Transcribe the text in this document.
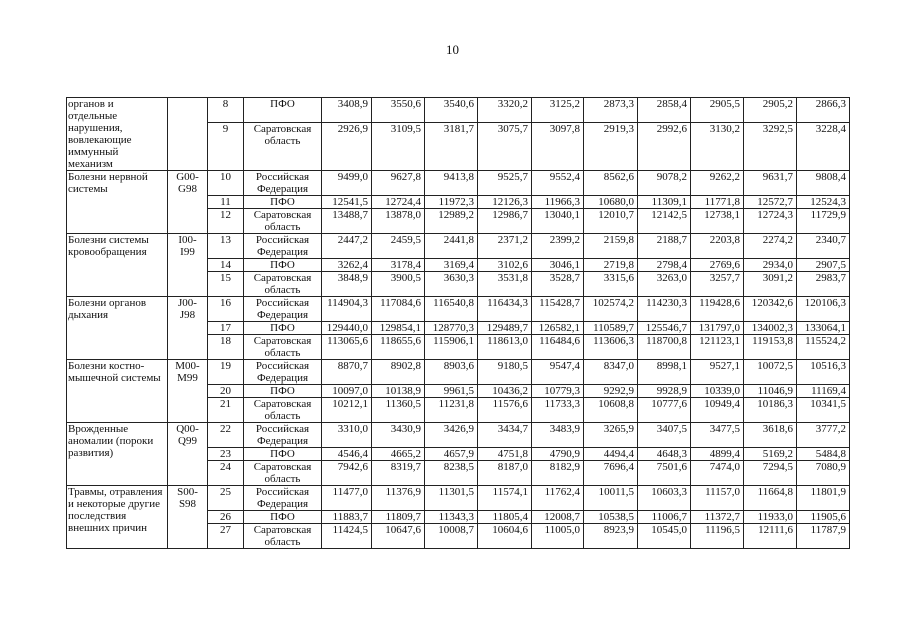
10
органов и отдельные нарушения, вовлекающие иммунный механизм		8	ПФО	3408,9	3550,6	3540,6	3320,2	3125,2	2873,3	2858,4	2905,5	2905,2	2866,3
		9	Саратовская область	2926,9	3109,5	3181,7	3075,7	3097,8	2919,3	2992,6	3130,2	3292,5	3228,4
Болезни нервной системы	G00- G98	10	Российская Федерация	9499,0	9627,8	9413,8	9525,7	9552,4	8562,6	9078,2	9262,2	9631,7	9808,4
		11	ПФО	12541,5	12724,4	11972,3	12126,3	11966,3	10680,0	11309,1	11771,8	12572,7	12524,3
		12	Саратовская область	13488,7	13878,0	12989,2	12986,7	13040,1	12010,7	12142,5	12738,1	12724,3	11729,9
Болезни системы кровообращения	I00- I99	13	Российская Федерация	2447,2	2459,5	2441,8	2371,2	2399,2	2159,8	2188,7	2203,8	2274,2	2340,7
		14	ПФО	3262,4	3178,4	3169,4	3102,6	3046,1	2719,8	2798,4	2769,6	2934,0	2907,5
		15	Саратовская область	3848,9	3900,5	3630,3	3531,8	3528,7	3315,6	3263,0	3257,7	3091,2	2983,7
Болезни органов дыхания	J00- J98	16	Российская Федерация	114904,3	117084,6	116540,8	116434,3	115428,7	102574,2	114230,3	119428,6	120342,6	120106,3
		17	ПФО	129440,0	129854,1	128770,3	129489,7	126582,1	110589,7	125546,7	131797,0	134002,3	133064,1
		18	Саратовская область	113065,6	118655,6	115906,1	118613,0	116484,6	113606,3	118700,8	121123,1	119153,8	115524,2
Болезни костно- мышечной системы	M00- M99	19	Российская Федерация	8870,7	8902,8	8903,6	9180,5	9547,4	8347,0	8998,1	9527,1	10072,5	10516,3
		20	ПФО	10097,0	10138,9	9961,5	10436,2	10779,3	9292,9	9928,9	10339,0	11046,9	11169,4
		21	Саратовская область	10212,1	11360,5	11231,8	11576,6	11733,3	10608,8	10777,6	10949,4	10186,3	10341,5
Врожденные аномалии (пороки развития)	Q00- Q99	22	Российская Федерация	3310,0	3430,9	3426,9	3434,7	3483,9	3265,9	3407,5	3477,5	3618,6	3777,2
		23	ПФО	4546,4	4665,2	4657,9	4751,8	4790,9	4494,4	4648,3	4899,4	5169,2	5484,8
		24	Саратовская область	7942,6	8319,7	8238,5	8187,0	8182,9	7696,4	7501,6	7474,0	7294,5	7080,9
Травмы, отравления и некоторые другие последствия внешних причин	S00- S98	25	Российская Федерация	11477,0	11376,9	11301,5	11574,1	11762,4	10011,5	10603,3	11157,0	11664,8	11801,9
		26	ПФО	11883,7	11809,7	11343,3	11805,4	12008,7	10538,5	11006,7	11372,7	11933,0	11905,6
		27	Саратовская область	11424,5	10647,6	10008,7	10604,6	11005,0	8923,9	10545,0	11196,5	12111,6	11787,9
